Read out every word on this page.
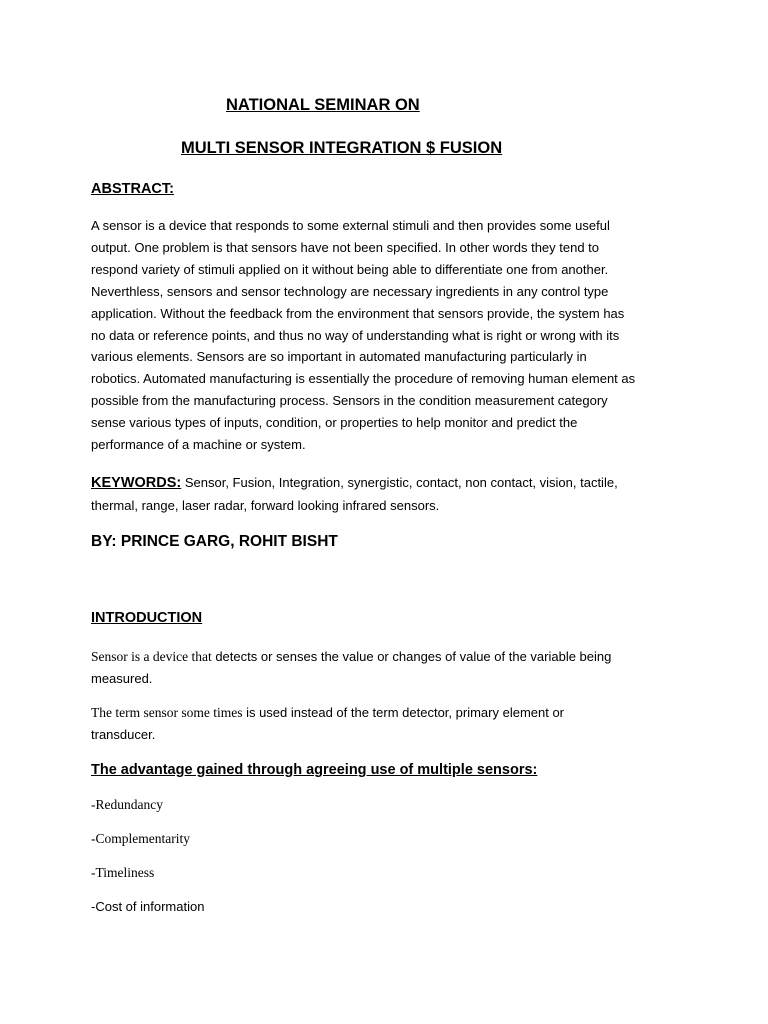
NATIONAL SEMINAR ON
MULTI SENSOR INTEGRATION $ FUSION
ABSTRACT:
A sensor is a device that responds to some external stimuli and then provides some useful
output. One problem is that sensors have not been specified. In other words they tend to
respond variety of stimuli applied on it without being able to differentiate one from another.
Neverthless, sensors and sensor technology are necessary ingredients in any control type
application. Without the feedback from the environment that sensors provide, the system has
no data or reference points, and thus no way of understanding what is right or wrong with its
various elements. Sensors are so important in automated manufacturing particularly in
robotics. Automated manufacturing is essentially the procedure of removing human element as
possible from the manufacturing process. Sensors in the condition measurement category
sense various types of inputs, condition, or properties to help monitor and predict the
performance of a machine or system.
KEYWORDS: Sensor, Fusion, Integration, synergistic, contact, non contact, vision, tactile,
thermal, range, laser radar, forward looking infrared sensors.
BY: PRINCE GARG, ROHIT BISHT
INTRODUCTION
Sensor is a device that detects or senses the value or changes of value of the variable being
measured.
The term sensor some times is used instead of the term detector, primary element or
transducer.
The advantage gained through agreeing use of multiple sensors:
-Redundancy
-Complementarity
-Timeliness
-Cost of information
